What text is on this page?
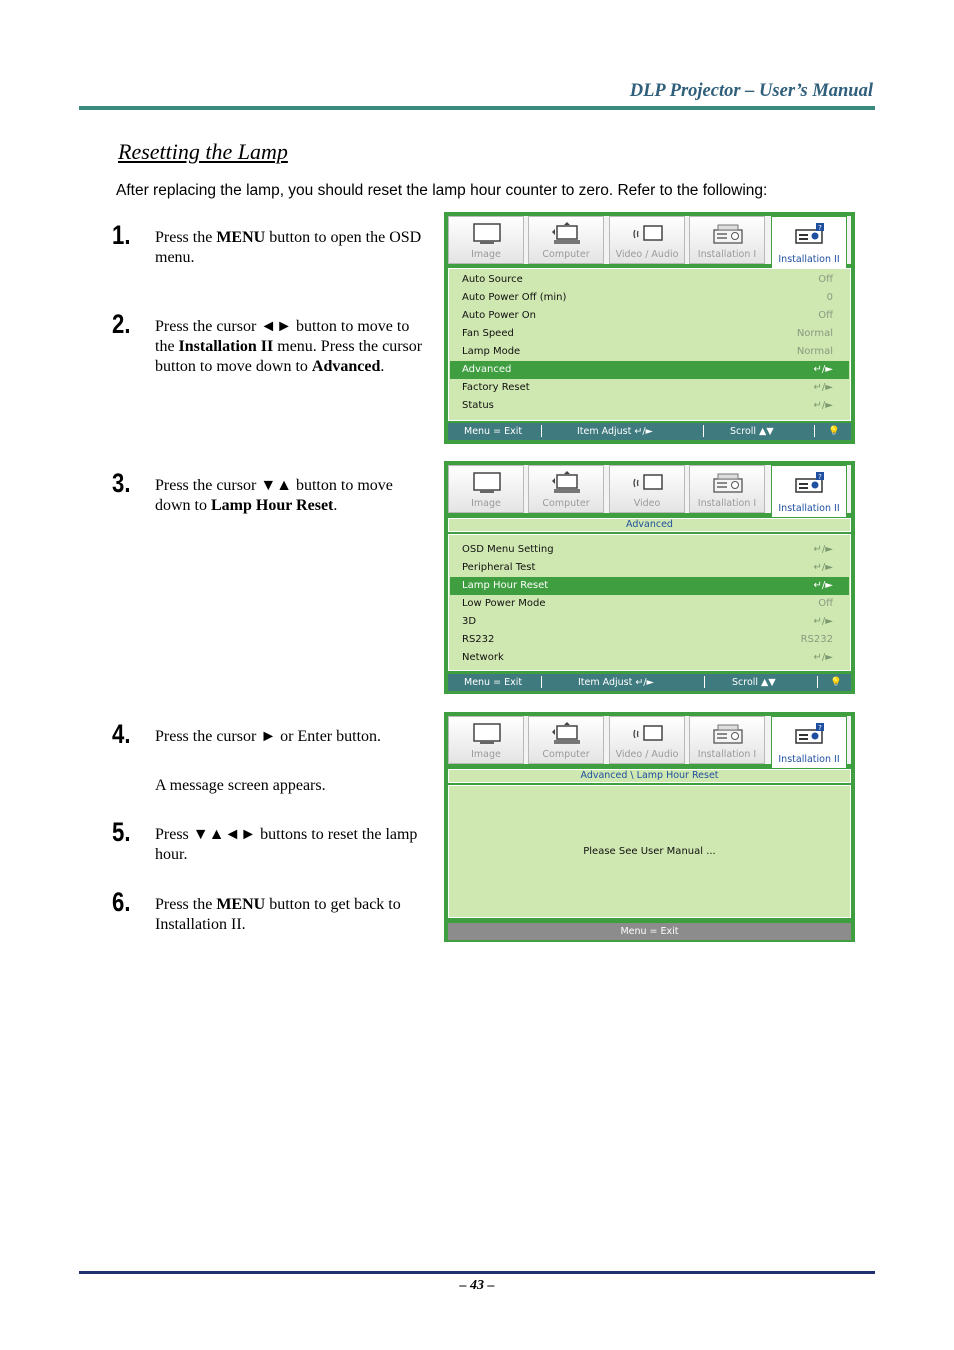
DLP Projector – User’s Manual
Resetting the Lamp
After replacing the lamp, you should reset the lamp hour counter to zero. Refer to the following:
1. Press the MENU button to open the OSD menu.
2. Press the cursor ◄► button to move to the Installation II menu. Press the cursor button to move down to Advanced.
3. Press the cursor ▼▲ button to move down to Lamp Hour Reset.
4. Press the cursor ► or Enter button.
A message screen appears.
5. Press ▼▲◄► buttons to reset the lamp hour.
6. Press the MENU button to get back to Installation II.
Image	Computer	Video / Audio	Installation I
?
Installation II
Auto Source	Off
Auto Power Off (min)	0
Auto Power On	Off
Fan Speed	Normal
Lamp Mode	Normal
Advanced	↵/►
Factory Reset	↵/►
Status	↵/►
Menu = Exit	Item Adjust ↵/►	Scroll ▲▼	💡
Image	Computer	Video	Installation I
?
Installation II
Advanced
OSD Menu Setting	↵/►
Peripheral Test	↵/►
Lamp Hour Reset	↵/►
Low Power Mode	Off
3D	↵/►
RS232	RS232
Network	↵/►
Menu = Exit	Item Adjust ↵/►	Scroll ▲▼	💡
Image	Computer	Video / Audio	Installation I
?
Installation II
Advanced \ Lamp Hour Reset
Please See User Manual ...
Menu = Exit
– 43 –
